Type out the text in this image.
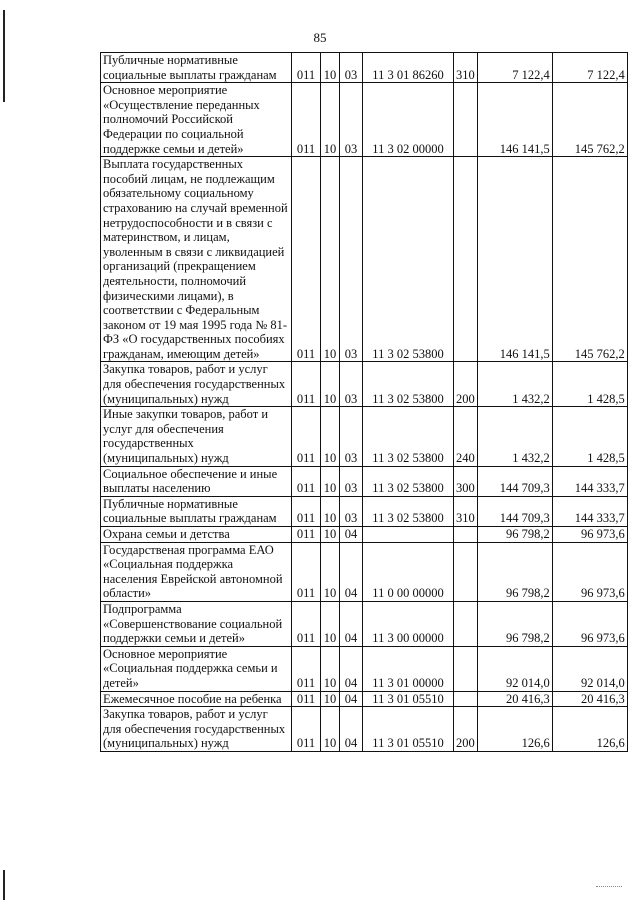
85
Публичные нормативные социальные выплаты гражданам	011	10	03	11 3 01 86260	310	7 122,4	7 122,4
Основное мероприятие «Осуществление переданных полномочий Российской Федерации по социальной поддержке семьи и детей»	011	10	03	11 3 02 00000		146 141,5	145 762,2
Выплата государственных пособий лицам, не подлежащим обязательному социальному страхованию на случай временной нетрудоспособности и в связи с материнством, и лицам, уволенным в связи с ликвидацией организаций (прекращением деятельности, полномочий физическими лицами), в соответствии с Федеральным законом от 19 мая 1995 года № 81-ФЗ «О государственных пособиях гражданам, имеющим детей»	011	10	03	11 3 02 53800		146 141,5	145 762,2
Закупка товаров, работ и услуг для обеспечения государственных (муниципальных) нужд	011	10	03	11 3 02 53800	200	1 432,2	1 428,5
Иные закупки товаров, работ и услуг для обеспечения государственных (муниципальных) нужд	011	10	03	11 3 02 53800	240	1 432,2	1 428,5
Социальное обеспечение и иные выплаты населению	011	10	03	11 3 02 53800	300	144 709,3	144 333,7
Публичные нормативные социальные выплаты гражданам	011	10	03	11 3 02 53800	310	144 709,3	144 333,7
Охрана семьи и детства	011	10	04			96 798,2	96 973,6
Государственая программа ЕАО «Социальная поддержка населения Еврейской автономной области»	011	10	04	11 0 00 00000		96 798,2	96 973,6
Подпрограмма «Совершенствование социальной поддержки семьи и детей»	011	10	04	11 3 00 00000		96 798,2	96 973,6
Основное мероприятие «Социальная поддержка семьи и детей»	011	10	04	11 3 01 00000		92 014,0	92 014,0
Ежемесячное пособие на ребенка	011	10	04	11 3 01 05510		20 416,3	20 416,3
Закупка товаров, работ и услуг для обеспечения государственных (муниципальных) нужд	011	10	04	11 3 01 05510	200	126,6	126,6
